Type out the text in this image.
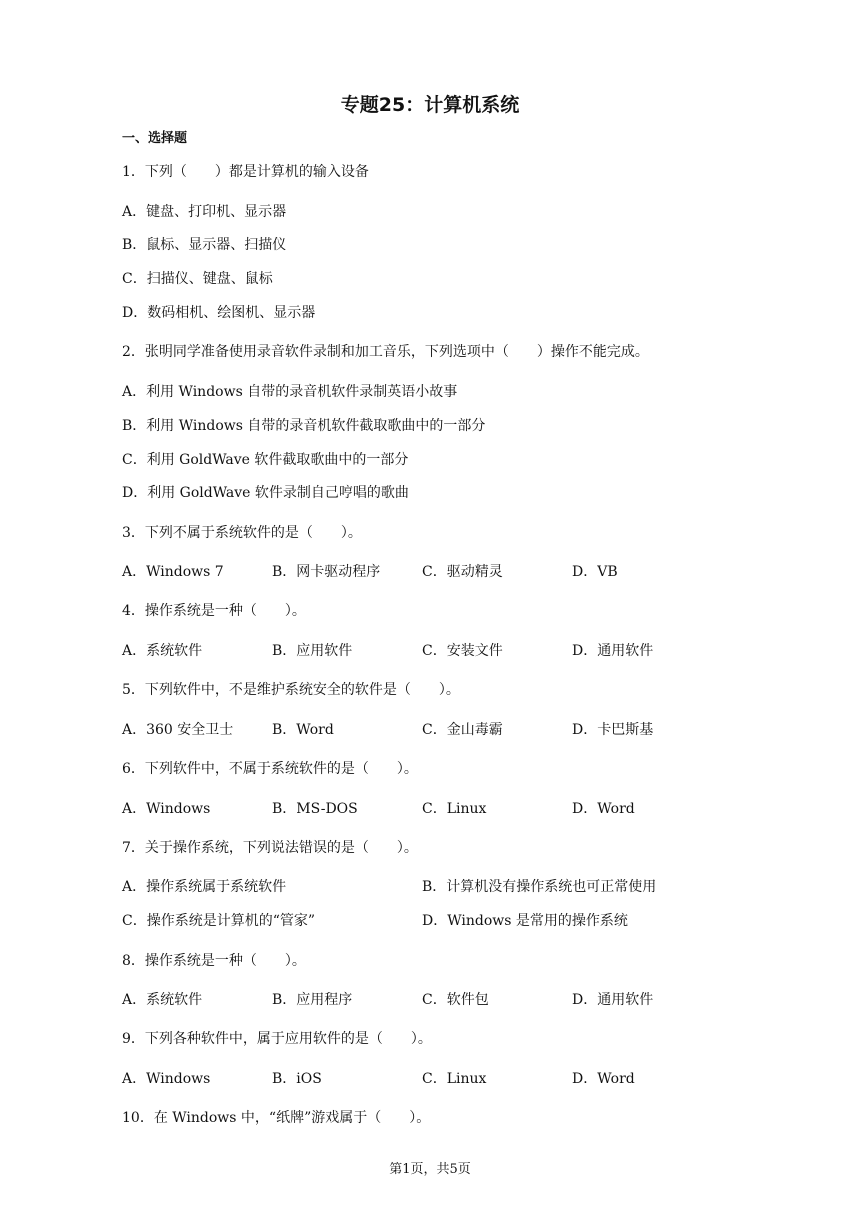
专题25：计算机系统
一、选择题
1．下列（　　）都是计算机的输入设备
A．键盘、打印机、显示器
B．鼠标、显示器、扫描仪
C．扫描仪、键盘、鼠标
D．数码相机、绘图机、显示器
2．张明同学准备使用录音软件录制和加工音乐，下列选项中（　　）操作不能完成。
A．利用 Windows 自带的录音机软件录制英语小故事
B．利用 Windows 自带的录音机软件截取歌曲中的一部分
C．利用 GoldWave 软件截取歌曲中的一部分
D．利用 GoldWave 软件录制自己哼唱的歌曲
3．下列不属于系统软件的是（　　）。
A．Windows 7	B．网卡驱动程序	C．驱动精灵	D．VB
4．操作系统是一种（　　）。
A．系统软件	B．应用软件	C．安装文件	D．通用软件
5．下列软件中，不是维护系统安全的软件是（　　）。
A．360 安全卫士	B．Word	C．金山毒霸	D．卡巴斯基
6．下列软件中，不属于系统软件的是（　　）。
A．Windows	B．MS-DOS	C．Linux	D．Word
7．关于操作系统，下列说法错误的是（　　）。
A．操作系统属于系统软件	B．计算机没有操作系统也可正常使用
C．操作系统是计算机的“管家”	D．Windows 是常用的操作系统
8．操作系统是一种（　　）。
A．系统软件	B．应用程序	C．软件包	D．通用软件
9．下列各种软件中，属于应用软件的是（　　）。
A．Windows	B．iOS	C．Linux	D．Word
10．在 Windows 中，“纸牌”游戏属于（　　）。
第1页，共5页
